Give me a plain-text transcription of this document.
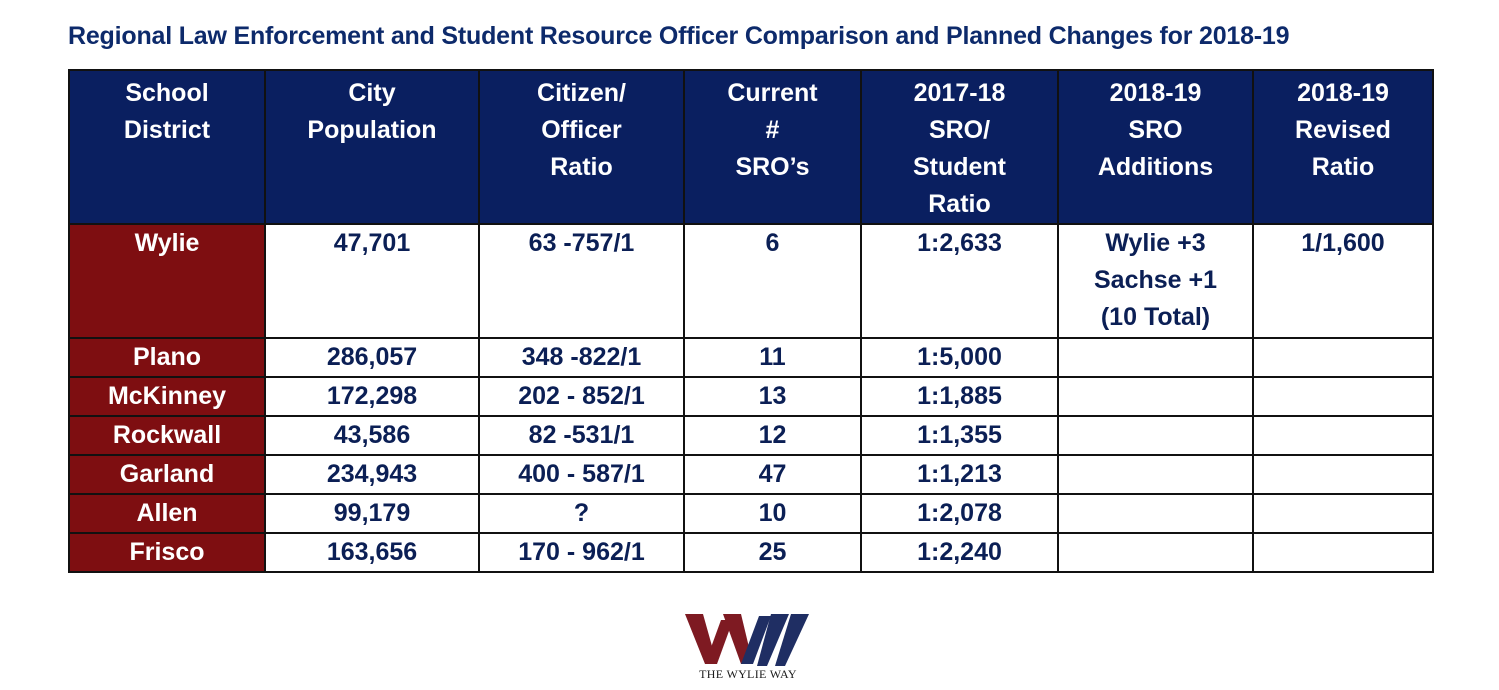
Regional Law Enforcement and Student Resource Officer Comparison and Planned Changes for 2018-19
School
District	City
Population	Citizen/
Officer
Ratio	Current
#
SRO’s	2017-18
SRO/
Student
Ratio	2018-19
SRO
Additions	2018-19
Revised
Ratio

Wylie	47,701	63 -757/1	6	1:2,633	Wylie +3
Sachse +1
(10 Total)	1/1,600
Plano	286,057	348 -822/1	11	1:5,000		
McKinney	172,298	202 - 852/1	13	1:1,885		
Rockwall	43,586	82 -531/1	12	1:1,355		
Garland	234,943	400 - 587/1	47	1:1,213		
Allen	99,179	?	10	1:2,078		
Frisco	163,656	170 - 962/1	25	1:2,240		
THE WYLIE WAY
